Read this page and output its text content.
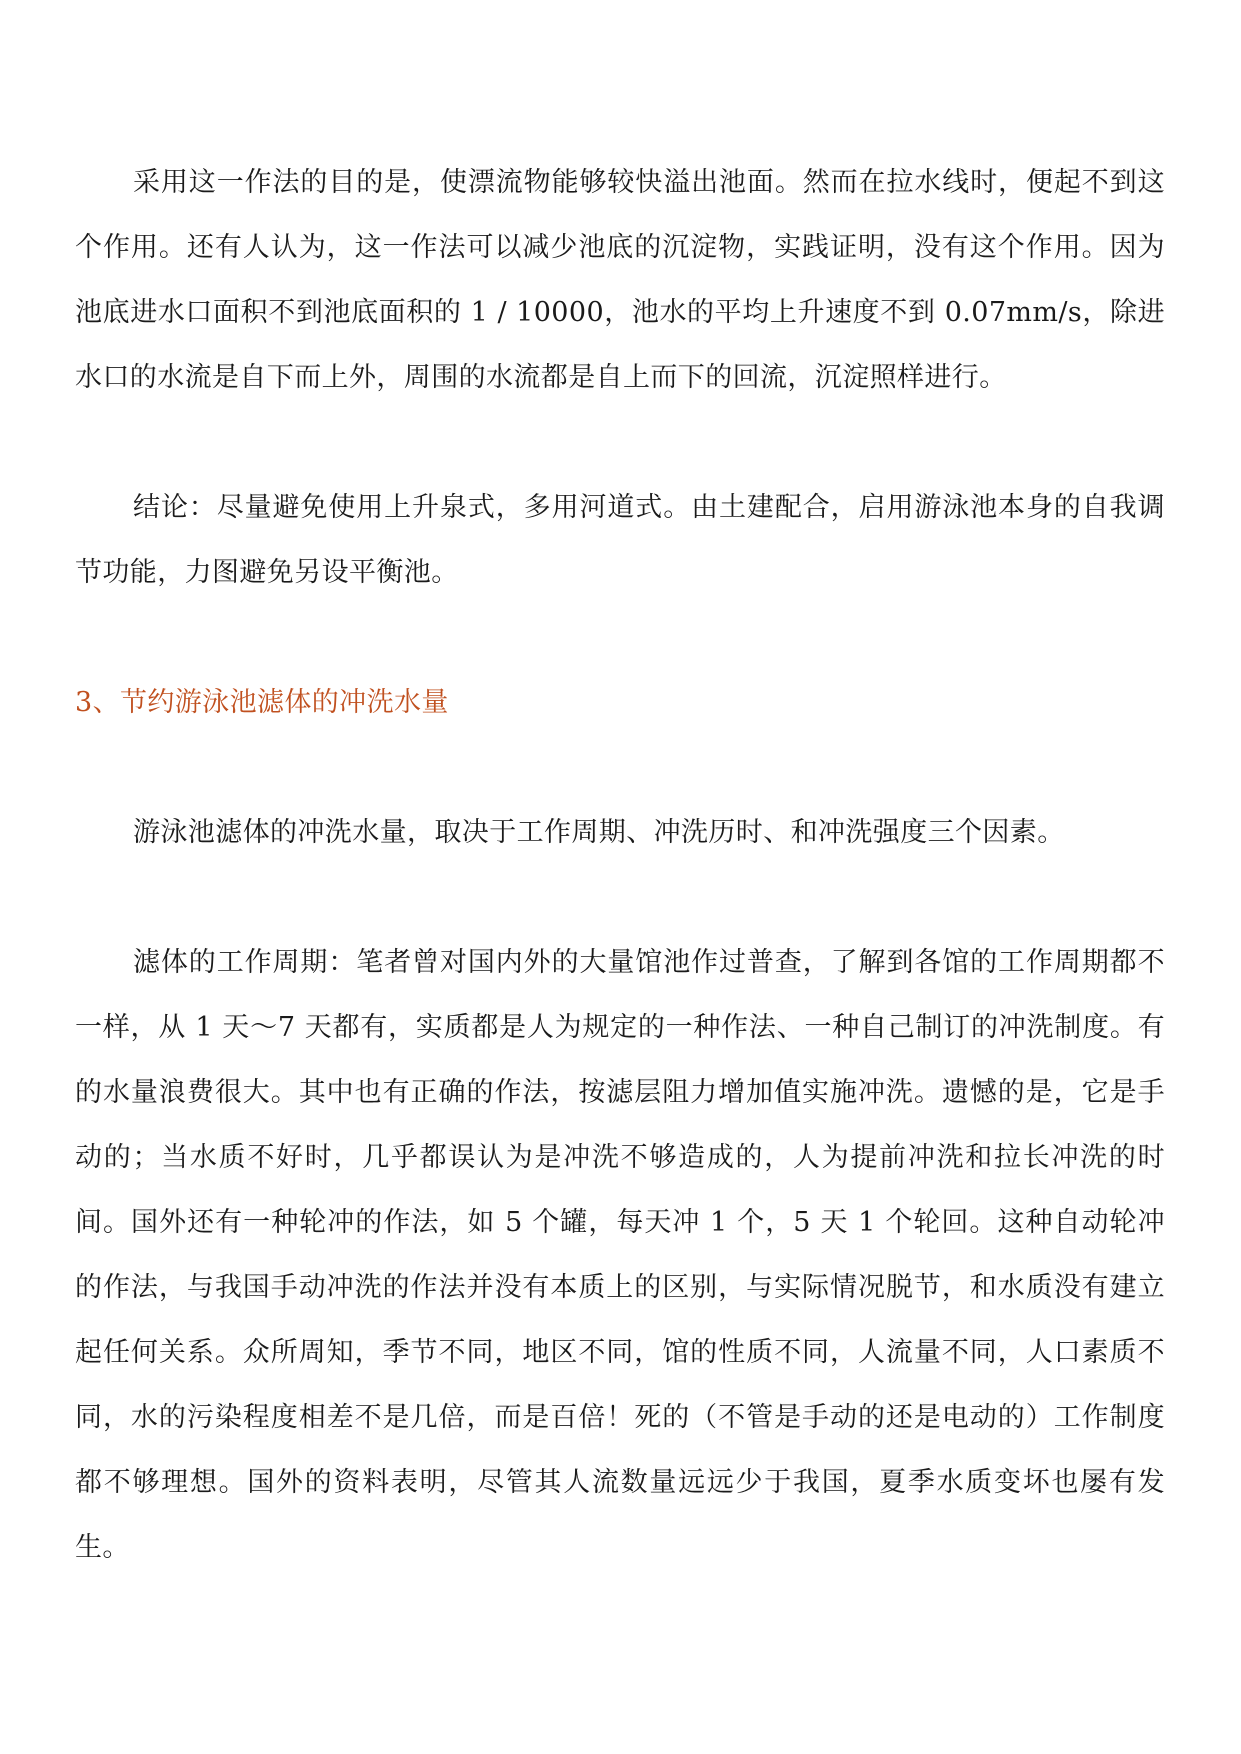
采用这一作法的目的是，使漂流物能够较快溢出池面。然而在拉水线时，便起不到这个作用。还有人认为，这一作法可以减少池底的沉淀物，实践证明，没有这个作用。因为池底进水口面积不到池底面积的 1 / 10000，池水的平均上升速度不到 0.07mm/s，除进水口的水流是自下而上外，周围的水流都是自上而下的回流，沉淀照样进行。

结论：尽量避免使用上升泉式，多用河道式。由土建配合，启用游泳池本身的自我调节功能，力图避免另设平衡池。

3、节约游泳池滤体的冲洗水量

游泳池滤体的冲洗水量，取决于工作周期、冲洗历时、和冲洗强度三个因素。

滤体的工作周期：笔者曾对国内外的大量馆池作过普查，了解到各馆的工作周期都不一样，从 1 天～7 天都有，实质都是人为规定的一种作法、一种自己制订的冲洗制度。有的水量浪费很大。其中也有正确的作法，按滤层阻力增加值实施冲洗。遗憾的是，它是手动的；当水质不好时，几乎都误认为是冲洗不够造成的，人为提前冲洗和拉长冲洗的时间。国外还有一种轮冲的作法，如 5 个罐，每天冲 1 个，5 天 1 个轮回。这种自动轮冲的作法，与我国手动冲洗的作法并没有本质上的区别，与实际情况脱节，和水质没有建立起任何关系。众所周知，季节不同，地区不同，馆的性质不同，人流量不同，人口素质不同，水的污染程度相差不是几倍，而是百倍！死的（不管是手动的还是电动的）工作制度都不够理想。国外的资料表明，尽管其人流数量远远少于我国，夏季水质变坏也屡有发生。
